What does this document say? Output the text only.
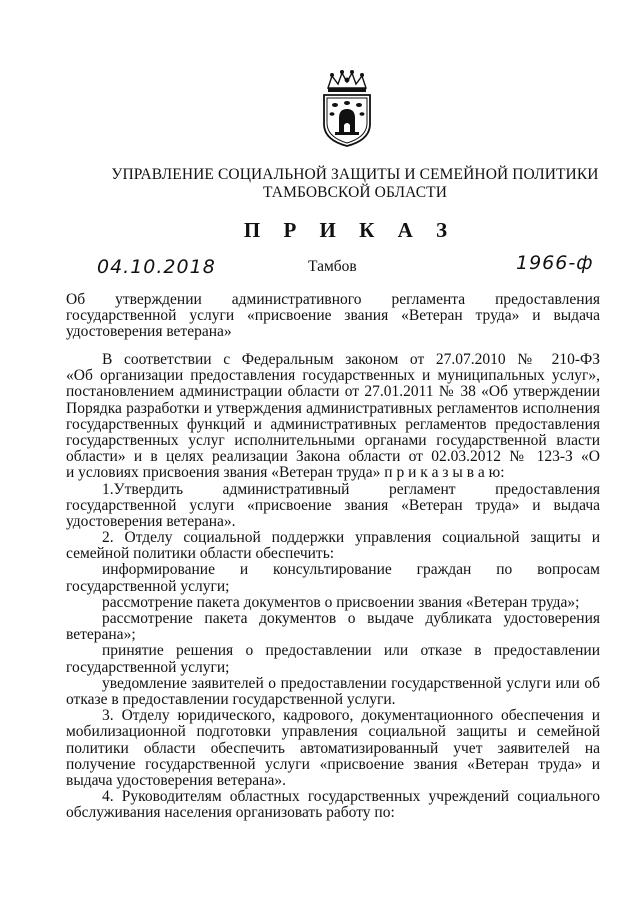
УПРАВЛЕНИЕ СОЦИАЛЬНОЙ ЗАЩИТЫ И СЕМЕЙНОЙ ПОЛИТИКИ
ТАМБОВСКОЙ ОБЛАСТИ
П Р И К А З
04.10.2018	Тамбов	1966-ф
Об утверждении административного регламента предоставления
государственной услуги «присвоение звания «Ветеран труда» и выдача
удостоверения ветерана»
В соответствии с Федеральным законом от 27.07.2010 № 210-ФЗ
«Об организации предоставления государственных и муниципальных услуг»,
постановлением администрации области от 27.01.2011 № 38 «Об утверждении
Порядка разработки и утверждения административных регламентов исполнения
государственных функций и административных регламентов предоставления
государственных услуг исполнительными органами государственной власти
области» и в целях реализации Закона области от 02.03.2012 № 123-З «О
и условиях присвоения звания «Ветеран труда» п р и к а з ы в а ю:
1.Утвердить административный регламент предоставления
государственной услуги «присвоение звания «Ветеран труда» и выдача
удостоверения ветерана».
2. Отделу социальной поддержки управления социальной защиты и
семейной политики области обеспечить:
информирование и консультирование граждан по вопросам
государственной услуги;
рассмотрение пакета документов о присвоении звания «Ветеран труда»;
рассмотрение пакета документов о выдаче дубликата удостоверения
ветерана»;
принятие решения о предоставлении или отказе в предоставлении
государственной услуги;
уведомление заявителей о предоставлении государственной услуги или об
отказе в предоставлении государственной услуги.
3. Отделу юридического, кадрового, документационного обеспечения и
мобилизационной подготовки управления социальной защиты и семейной
политики области обеспечить автоматизированный учет заявителей на
получение государственной услуги «присвоение звания «Ветеран труда» и
выдача удостоверения ветерана».
4. Руководителям областных государственных учреждений социального
обслуживания населения организовать работу по:
